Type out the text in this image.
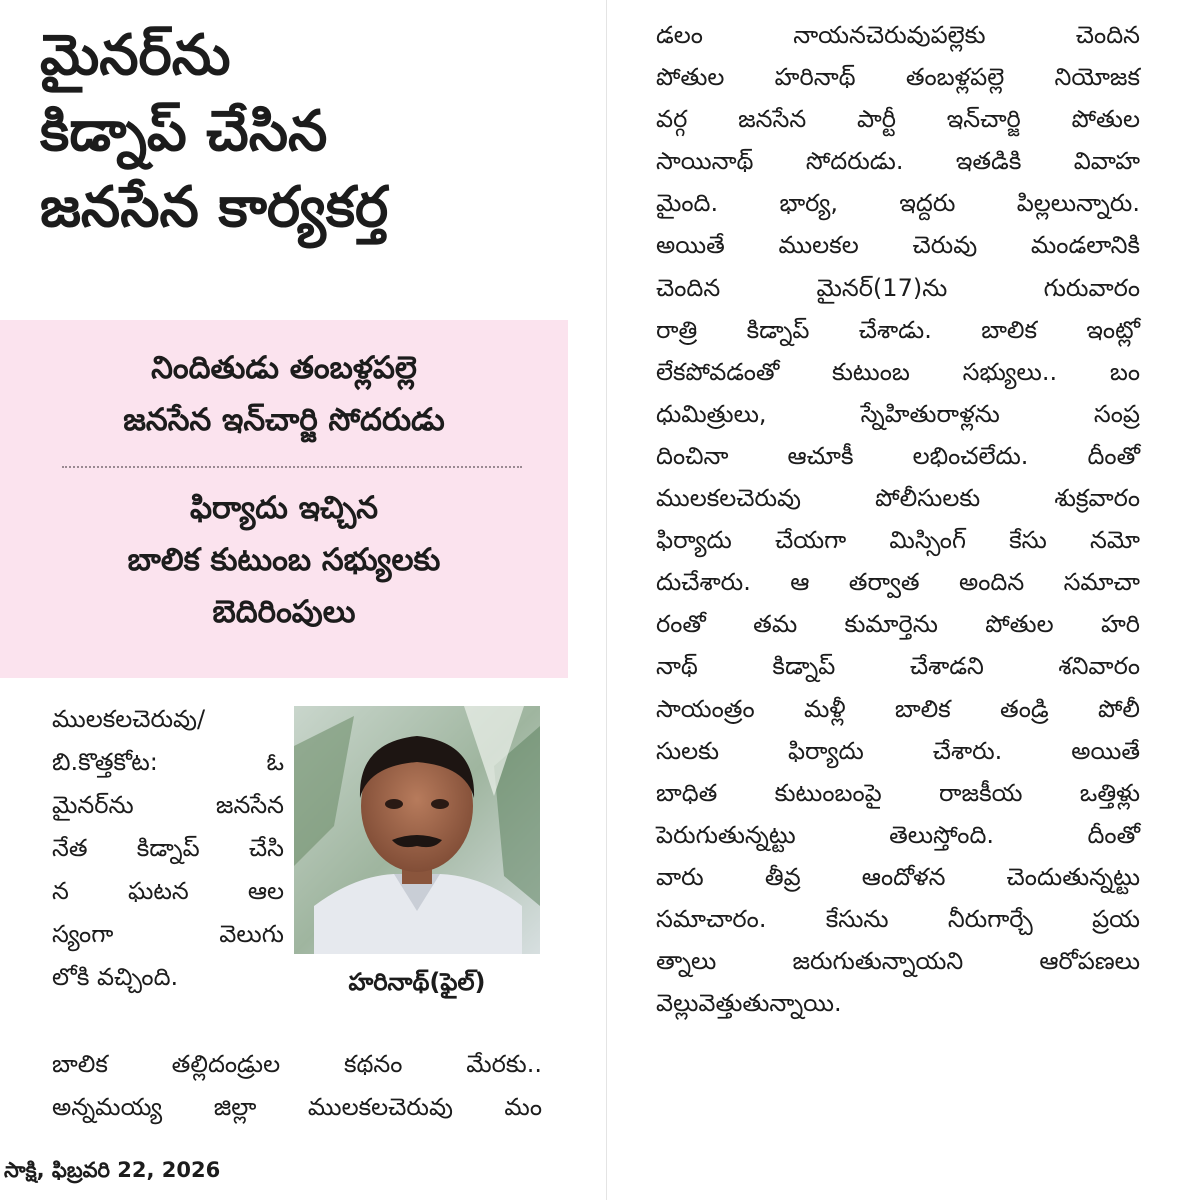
మైనర్‌ను
కిడ్నాప్ చేసిన
జనసేన కార్యకర్త
నిందితుడు తంబళ్లపల్లె
జనసేన ఇన్‌చార్జి సోదరుడు
ఫిర్యాదు ఇచ్చిన
బాలిక కుటుంబ సభ్యులకు
బెదిరింపులు
ములకలచెరువు/
బి.కొత్తకోట: ఓ
మైనర్‌ను జనసేన
నేత కిడ్నాప్ చేసి
న ఘటన ఆల
స్యంగా వెలుగు
లోకి వచ్చింది.	హరినాథ్(ఫైల్)
బాలిక తల్లిదండ్రుల కథనం మేరకు..
అన్నమయ్య జిల్లా ములకలచెరువు మం
సాక్షి, ఫిబ్రవరి 22, 2026
డలం నాయనచెరువుపల్లెకు చెందిన
పోతుల హరినాథ్ తంబళ్లపల్లె నియోజక
వర్గ జనసేన పార్టీ ఇన్‌చార్జి పోతుల
సాయినాథ్ సోదరుడు. ఇతడికి వివాహ
మైంది. భార్య, ఇద్దరు పిల్లలున్నారు.
అయితే ములకల చెరువు మండలానికి
చెందిన మైనర్(17)ను గురువారం
రాత్రి కిడ్నాప్ చేశాడు. బాలిక ఇంట్లో
లేకపోవడంతో కుటుంబ సభ్యులు.. బం
ధుమిత్రులు, స్నేహితురాళ్లను సంప్ర
దించినా ఆచూకీ లభించలేదు. దీంతో
ములకలచెరువు పోలీసులకు శుక్రవారం
ఫిర్యాదు చేయగా మిస్సింగ్ కేసు నమో
దుచేశారు. ఆ తర్వాత అందిన సమాచా
రంతో తమ కుమార్తెను పోతుల హరి
నాథ్ కిడ్నాప్ చేశాడని శనివారం
సాయంత్రం మళ్లీ బాలిక తండ్రి పోలీ
సులకు ఫిర్యాదు చేశారు. అయితే
బాధిత కుటుంబంపై రాజకీయ ఒత్తిళ్లు
పెరుగుతున్నట్టు తెలుస్తోంది. దీంతో
వారు తీవ్ర ఆందోళన చెందుతున్నట్టు
సమాచారం. కేసును నీరుగార్చే ప్రయ
త్నాలు జరుగుతున్నాయని ఆరోపణలు
వెల్లువెత్తుతున్నాయి.
